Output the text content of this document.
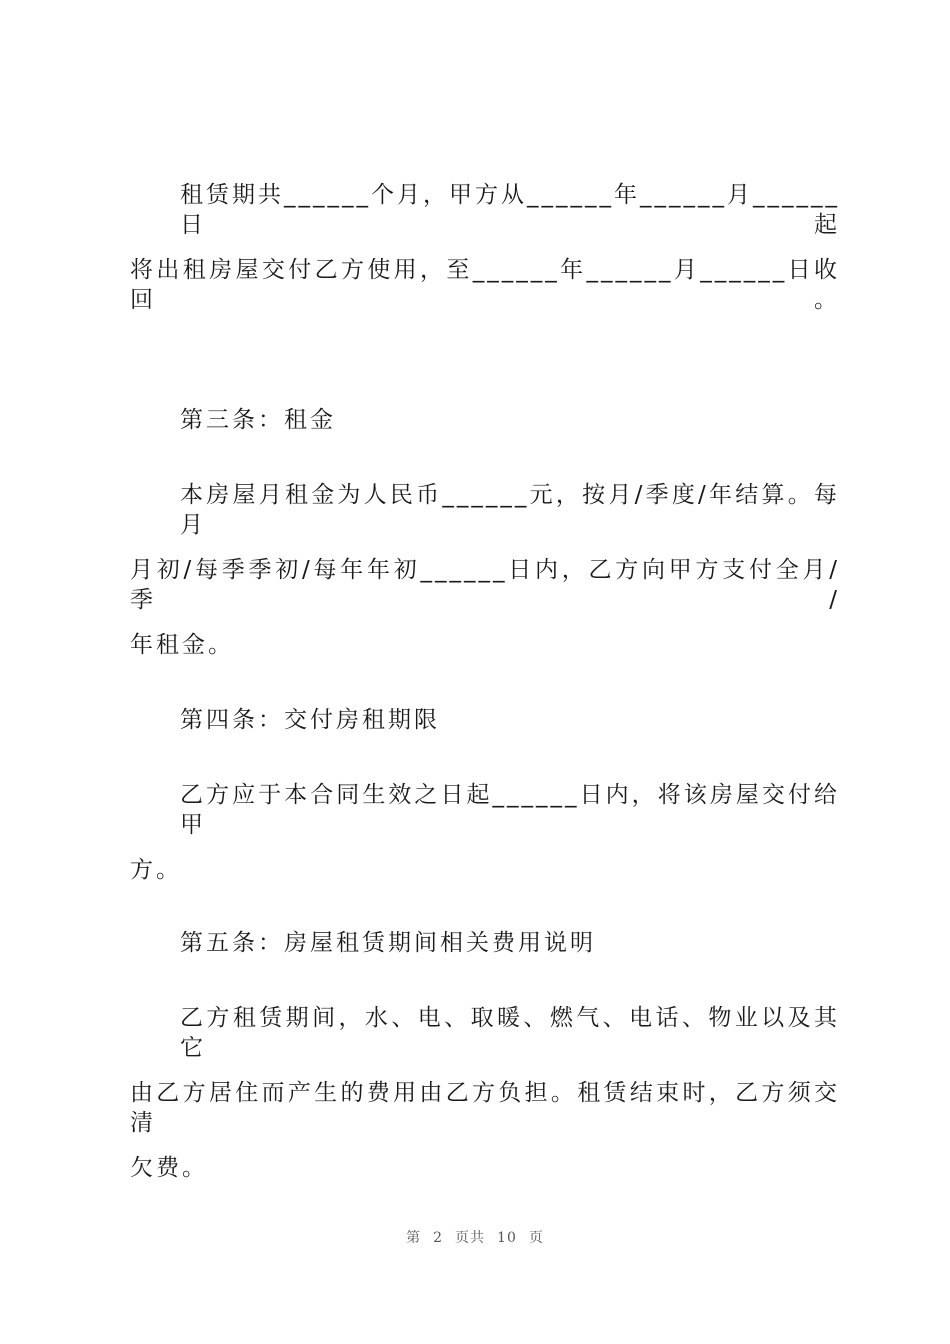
租赁期共______个月，甲方从______年______月______日起
将出租房屋交付乙方使用，至______年______月______日收回。
第三条：租金
本房屋月租金为人民币______元，按月/季度/年结算。每月
月初/每季季初/每年年初______日内，乙方向甲方支付全月/季/
年租金。
第四条：交付房租期限
乙方应于本合同生效之日起______日内，将该房屋交付给甲
方。
第五条：房屋租赁期间相关费用说明
乙方租赁期间，水、电、取暖、燃气、电话、物业以及其它
由乙方居住而产生的费用由乙方负担。租赁结束时，乙方须交清
欠费。
第 2 页共 10 页
